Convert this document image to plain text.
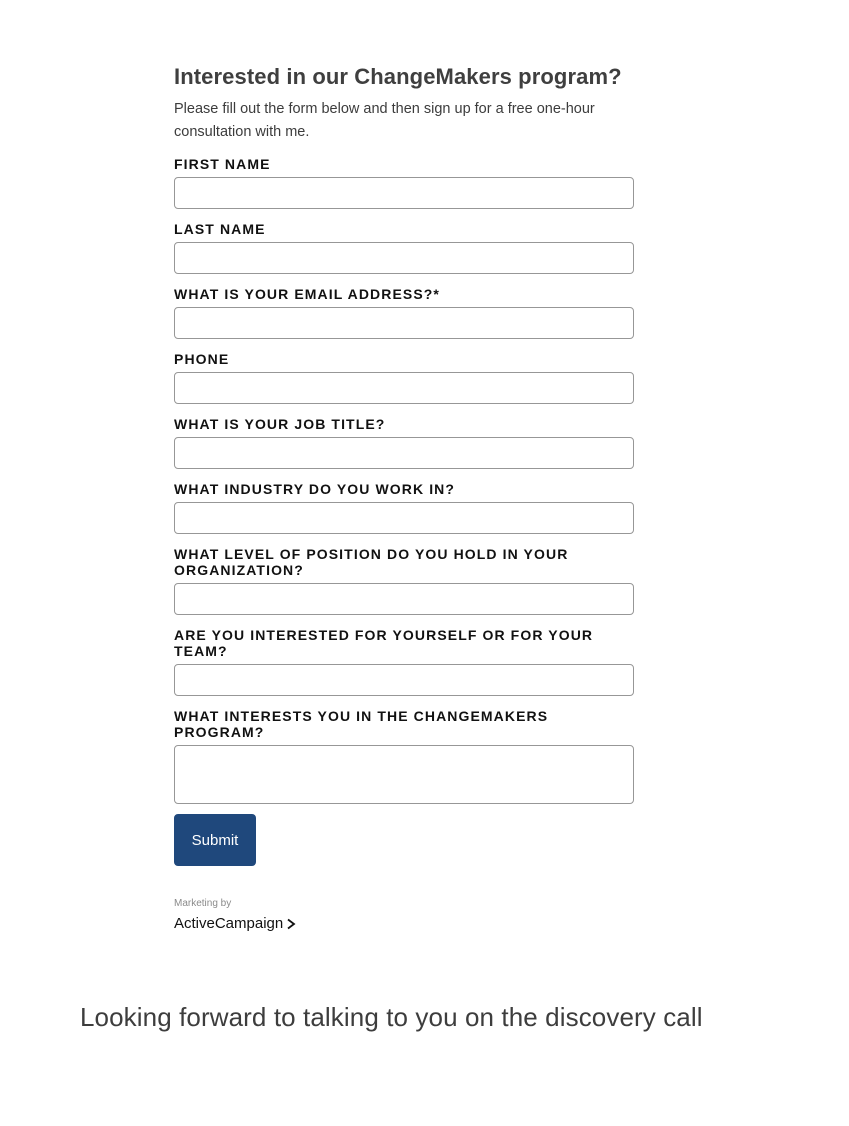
Interested in our ChangeMakers program?

Please fill out the form below and then sign up for a free one-hour consultation with me.

FIRST NAME
LAST NAME
WHAT IS YOUR EMAIL ADDRESS?*
PHONE
WHAT IS YOUR JOB TITLE?
WHAT INDUSTRY DO YOU WORK IN?
WHAT LEVEL OF POSITION DO YOU HOLD IN YOUR ORGANIZATION?
ARE YOU INTERESTED FOR YOURSELF OR FOR YOUR TEAM?
WHAT INTERESTS YOU IN THE CHANGEMAKERS PROGRAM?
Submit
Marketing by
ActiveCampaign
Looking forward to talking to you on the discovery call
